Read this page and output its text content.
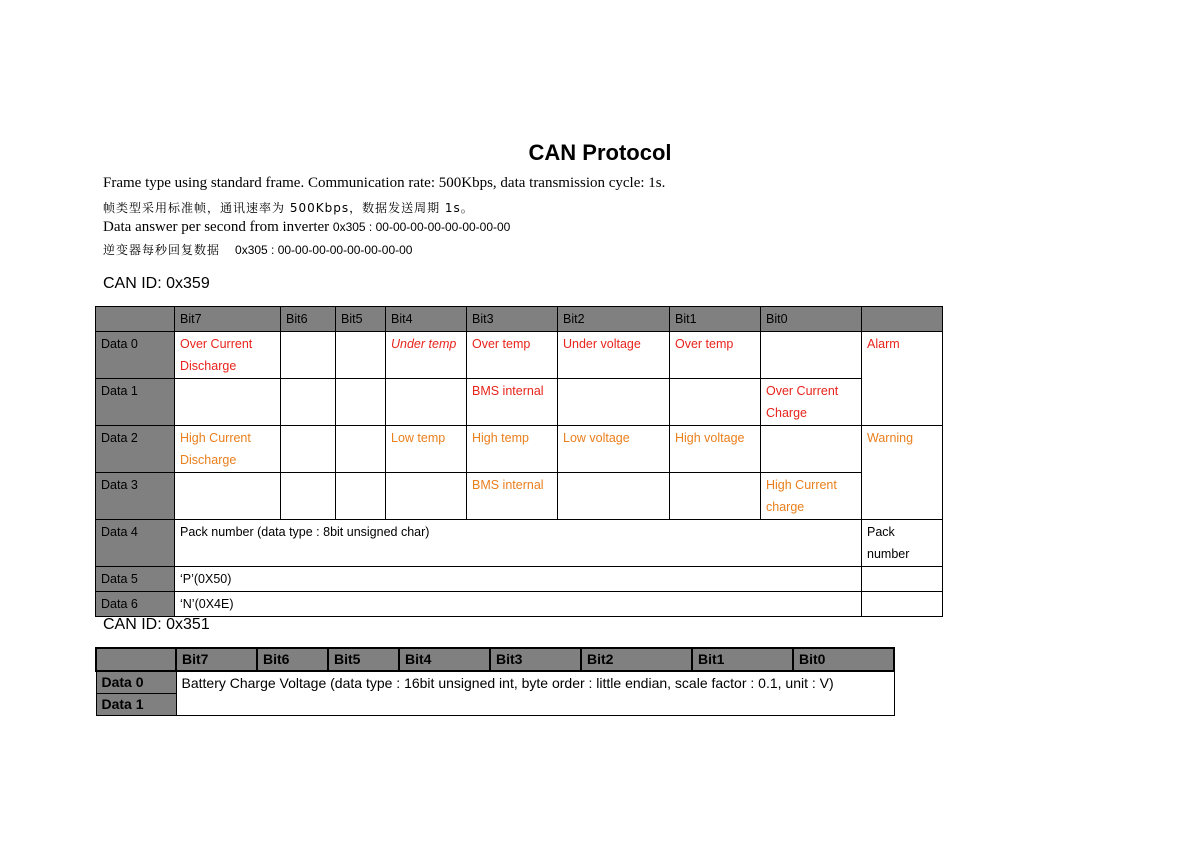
CAN Protocol
Frame type using standard frame. Communication rate: 500Kbps, data transmission cycle: 1s.
帧类型采用标准帧，通讯速率为 500Kbps，数据发送周期 1s。
Data answer per second from inverter 0x305 : 00-00-00-00-00-00-00-00
逆变器每秒回复数据 0x305 : 00-00-00-00-00-00-00-00
CAN ID: 0x359
	Bit7	Bit6	Bit5	Bit4	Bit3	Bit2	Bit1	Bit0	
Data 0	Over Current Discharge			Under temp	Over temp	Under voltage	Over temp		Alarm
Data 1					BMS internal			Over Current Charge	
Data 2	High Current Discharge			Low temp	High temp	Low voltage	High voltage		Warning
Data 3					BMS internal			High Current charge	
Data 4	Pack number (data type : 8bit unsigned char)								Pack number
Data 5	‘P’(0X50)								
Data 6	‘N’(0X4E)								
CAN ID: 0x351
	Bit7	Bit6	Bit5	Bit4	Bit3	Bit2	Bit1	Bit0
Data 0	Battery Charge Voltage (data type : 16bit unsigned int, byte order : little endian, scale factor : 0.1, unit : V)							
Data 1								
